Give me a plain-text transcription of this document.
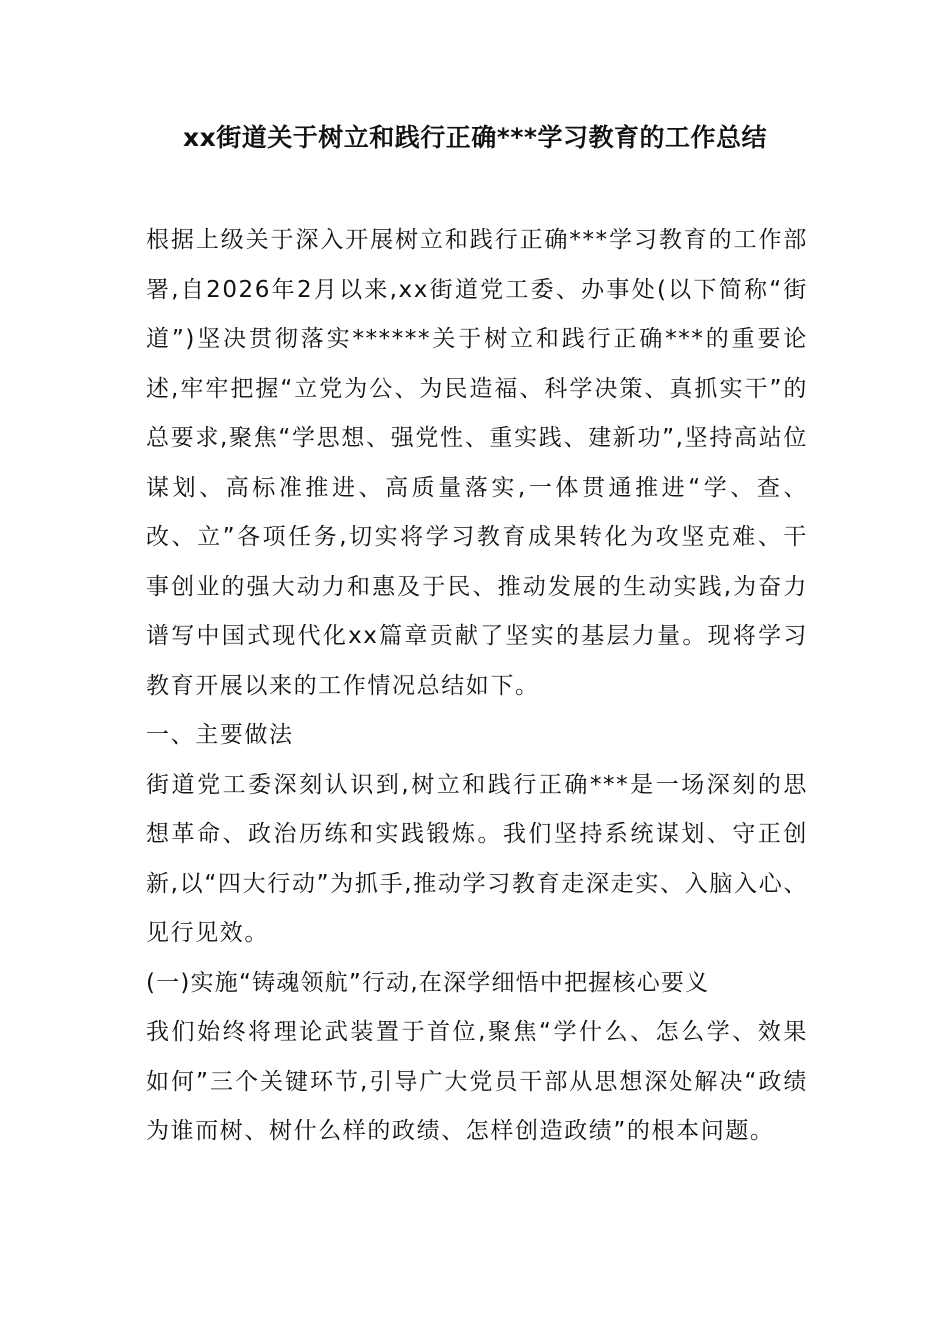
xx街道关于树立和践行正确***学习教育的工作总结

根据上级关于深入开展树立和践行正确***学习教育的工作部署,自2026年2月以来,xx街道党工委、办事处(以下简称“街道”)坚决贯彻落实******关于树立和践行正确***的重要论述,牢牢把握“立党为公、为民造福、科学决策、真抓实干”的总要求,聚焦“学思想、强党性、重实践、建新功”,坚持高站位谋划、高标准推进、高质量落实,一体贯通推进“学、查、改、立”各项任务,切实将学习教育成果转化为攻坚克难、干事创业的强大动力和惠及于民、推动发展的生动实践,为奋力谱写中国式现代化xx篇章贡献了坚实的基层力量。现将学习教育开展以来的工作情况总结如下。

一、主要做法

街道党工委深刻认识到,树立和践行正确***是一场深刻的思想革命、政治历练和实践锻炼。我们坚持系统谋划、守正创新,以“四大行动”为抓手,推动学习教育走深走实、入脑入心、见行见效。

(一)实施“铸魂领航”行动,在深学细悟中把握核心要义

我们始终将理论武装置于首位,聚焦“学什么、怎么学、效果如何”三个关键环节,引导广大党员干部从思想深处解决“政绩为谁而树、树什么样的政绩、怎样创造政绩”的根本问题。
